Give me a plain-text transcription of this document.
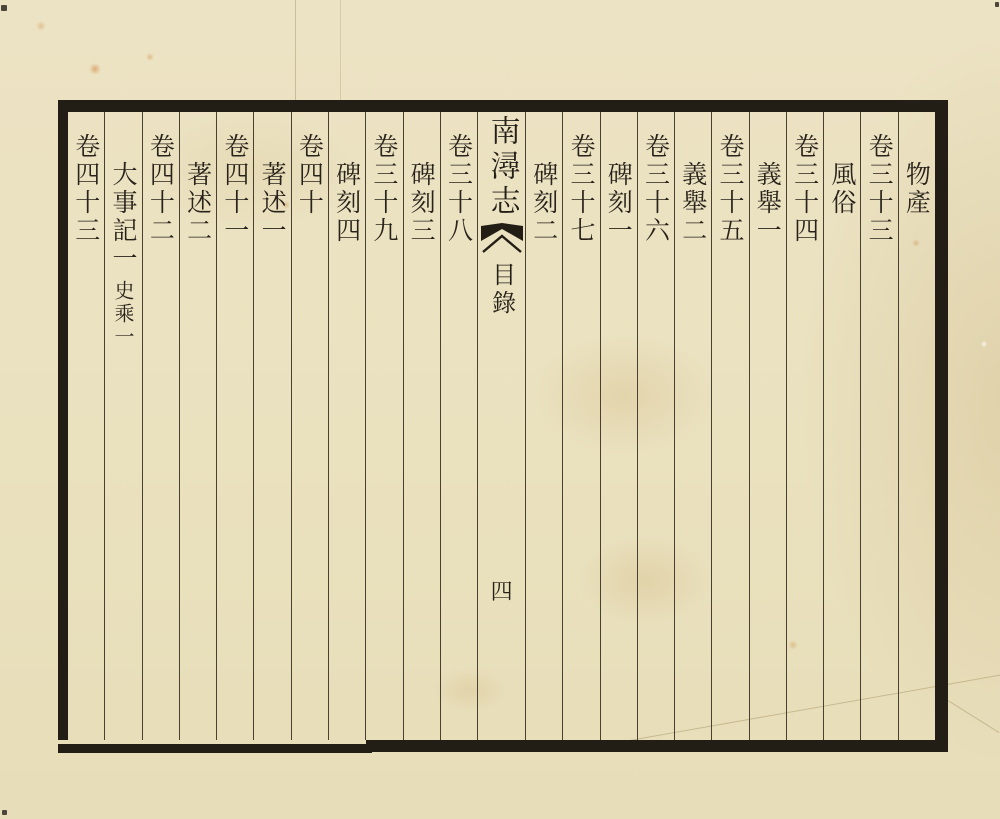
物產
卷三十三
風俗
卷三十四
義舉一
卷三十五
義舉二
卷三十六
碑刻一
卷三十七
碑刻二
南潯志
目錄
四
卷三十八
碑刻三
卷三十九
碑刻四
卷四十
著述一
卷四十一
著述二
卷四十二
大事記一史乘一
卷四十三
